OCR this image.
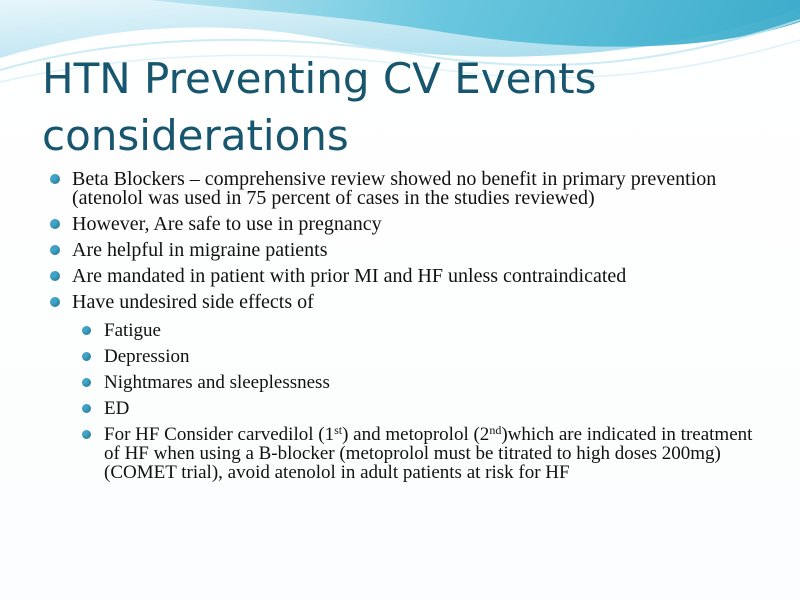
HTN Preventing CV Events
considerations
Beta Blockers – comprehensive review showed no benefit in primary prevention (atenolol was used in 75 percent of cases in the studies reviewed)
However, Are safe to use in pregnancy
Are helpful in migraine patients
Are mandated in patient with prior MI and HF unless contraindicated
Have undesired side effects of
Fatigue
Depression
Nightmares and sleeplessness
ED
For HF Consider carvedilol (1st) and metoprolol (2nd)which are indicated in treatment of HF when using a B-blocker (metoprolol must be titrated to high doses 200mg) (COMET trial), avoid atenolol in adult patients at risk for HF
